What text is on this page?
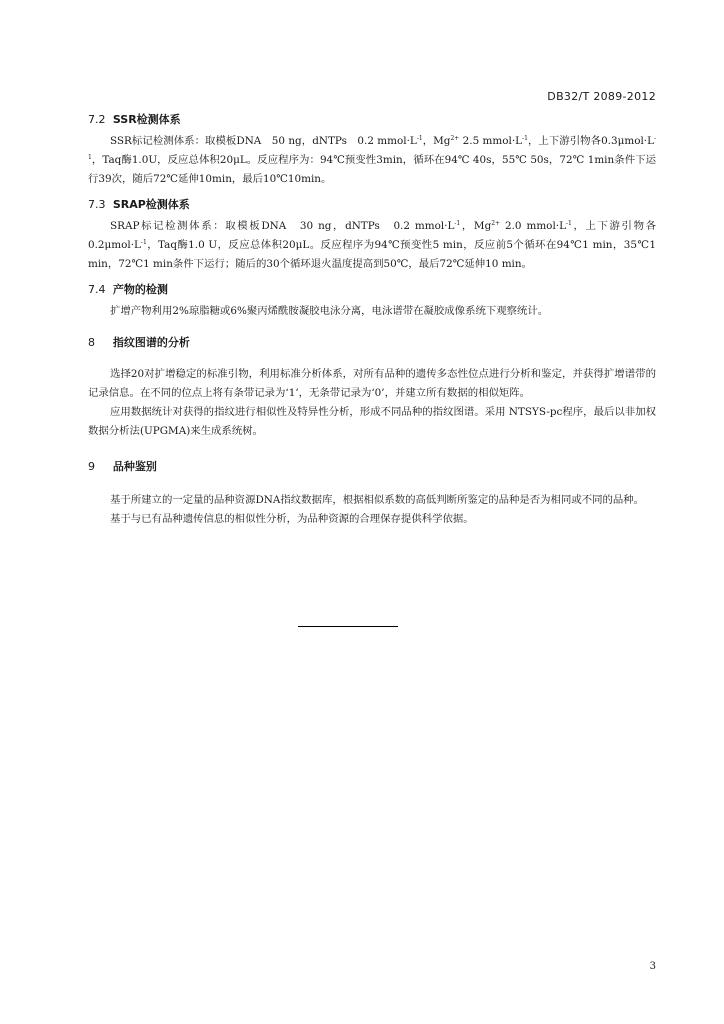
DB32/T 2089-2012
7.2 SSR检测体系

SSR标记检测体系：取模板DNA　50 ng，dNTPs　0.2 $mmol\cdot L^{-1}$，$Mg^{2+}$ 2.5 $mmol\cdot L^{-1}$，上下游引物各$0.3\mu mol\cdot L^{-1}$，Taq酶1.0U，反应总体积20μL。反应程序为：94℃预变性3min，循环在94℃ 40s，55℃ 50s，72℃ 1min条件下运行39次，随后72℃延伸10min，最后10℃10min。

7.3 SRAP检测体系

SRAP标记检测体系：取模板DNA　30 ng，dNTPs　0.2 $mmol\cdot L^{-1}$，$Mg^{2+}$ 2.0 $mmol\cdot L^{-1}$，上下游引物各$0.2\mu mol\cdot L^{-1}$，Taq酶1.0 U，反应总体积20μL。反应程序为94℃预变性5 min，反应前5个循环在94℃1 min，35℃1 min，72℃1 min条件下运行；随后的30个循环退火温度提高到50℃，最后72℃延伸10 min。

7.4 产物的检测

扩增产物利用2%琼脂糖或6%聚丙烯酰胺凝胶电泳分离，电泳谱带在凝胶成像系统下观察统计。

8 指纹图谱的分析

选择20对扩增稳定的标准引物，利用标准分析体系，对所有品种的遗传多态性位点进行分析和鉴定，并获得扩增谱带的记录信息。在不同的位点上将有条带记录为‘1’，无条带记录为‘0’，并建立所有数据的相似矩阵。

应用数据统计对获得的指纹进行相似性及特异性分析，形成不同品种的指纹图谱。采用 NTSYS-pc程序，最后以非加权数据分析法(UPGMA)来生成系统树。

9 品种鉴别

基于所建立的一定量的品种资源DNA指纹数据库，根据相似系数的高低判断所鉴定的品种是否为相同或不同的品种。

基于与已有品种遗传信息的相似性分析，为品种资源的合理保存提供科学依据。

3
